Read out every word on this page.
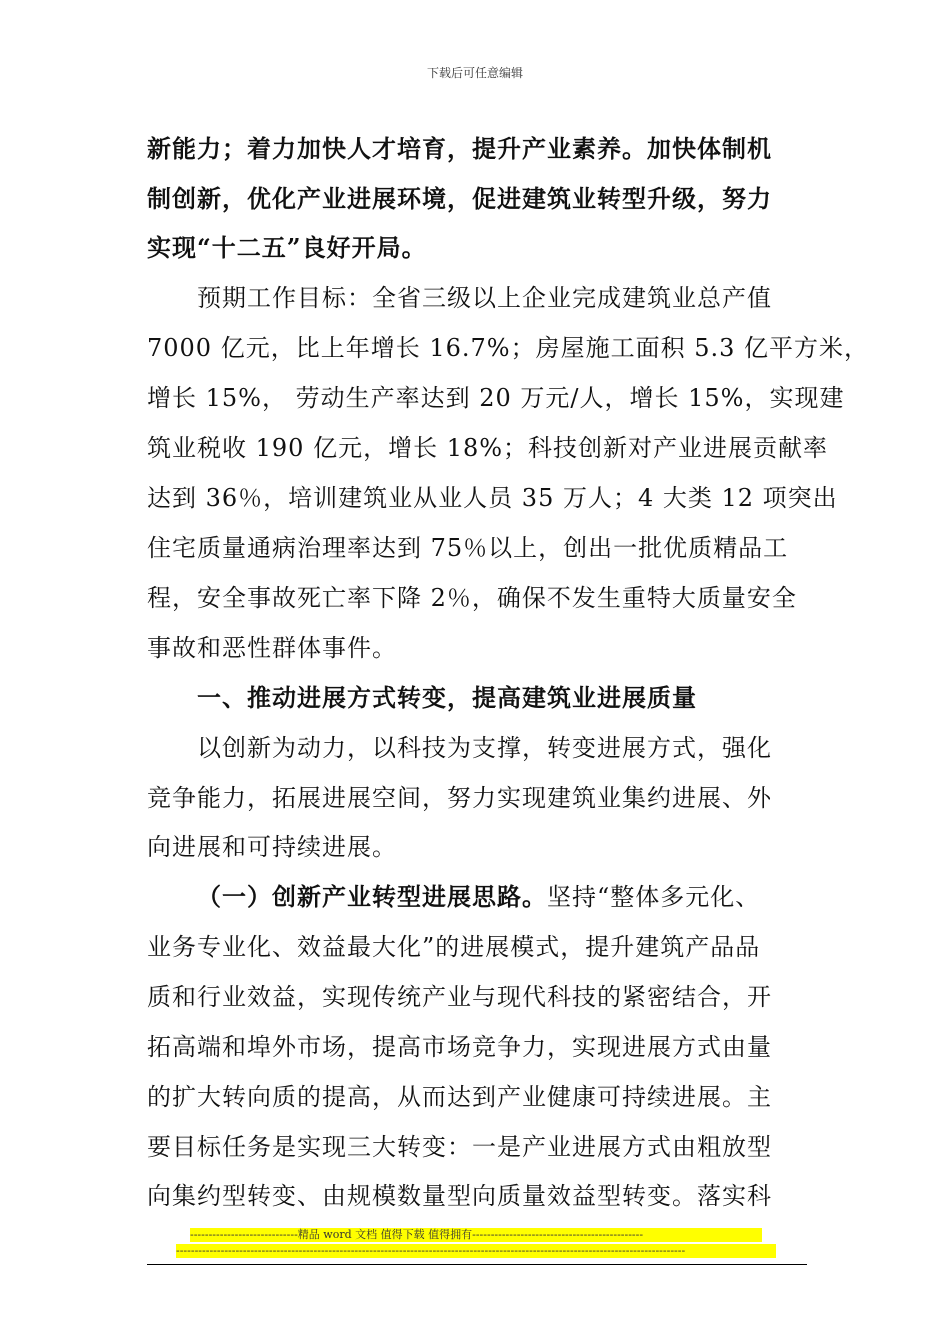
下载后可任意编辑
新能力；着力加快人才培育，提升产业素养。加快体制机
制创新，优化产业进展环境，促进建筑业转型升级，努力
实现“十二五”良好开局。
预期工作目标：全省三级以上企业完成建筑业总产值
7000 亿元，比上年增长 16.7%；房屋施工面积 5.3 亿平方米，
增长 15%， 劳动生产率达到 20 万元/人，增长 15%，实现建
筑业税收 190 亿元，增长 18%；科技创新对产业进展贡献率
达到 36％，培训建筑业从业人员 35 万人；4 大类 12 项突出
住宅质量通病治理率达到 75％以上，创出一批优质精品工
程，安全事故死亡率下降 2％，确保不发生重特大质量安全
事故和恶性群体事件。
一、推动进展方式转变，提高建筑业进展质量
以创新为动力，以科技为支撑，转变进展方式，强化
竞争能力，拓展进展空间，努力实现建筑业集约进展、外
向进展和可持续进展。
（一）创新产业转型进展思路。坚持“整体多元化、
业务专业化、效益最大化”的进展模式，提升建筑产品品
质和行业效益，实现传统产业与现代科技的紧密结合，开
拓高端和埠外市场，提高市场竞争力，实现进展方式由量
的扩大转向质的提高，从而达到产业健康可持续进展。主
要目标任务是实现三大转变：一是产业进展方式由粗放型
向集约型转变、由规模数量型向质量效益型转变。落实科
-----------------------------精品 word 文档 值得下载 值得拥有----------------------------------------------
-----------------------------------------------------------------------------------------------------------------------------------------
